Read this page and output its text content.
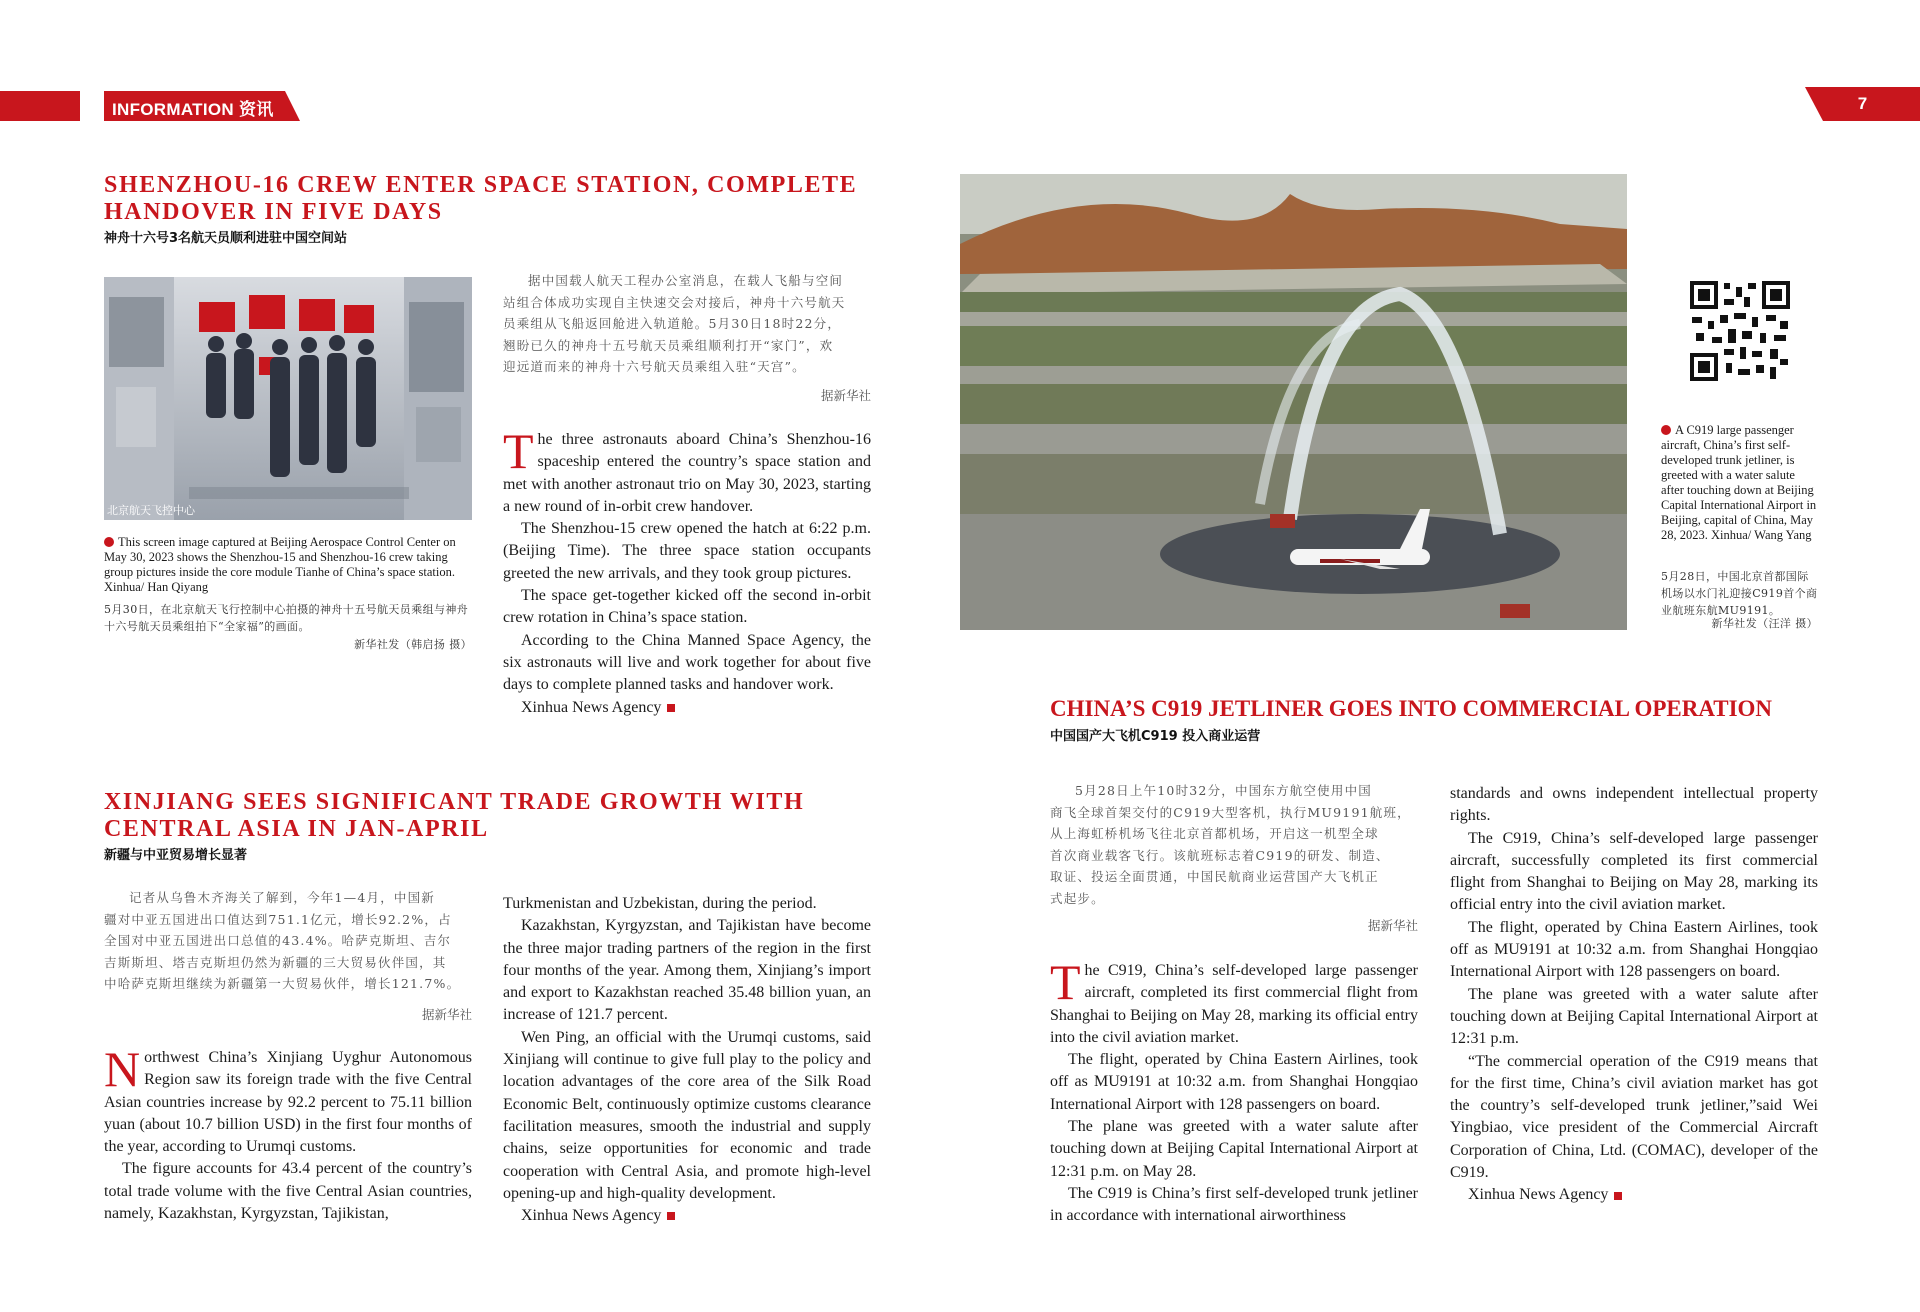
6 INFORMATION 资讯	7
SHENZHOU-16 CREW ENTER SPACE STATION, COMPLETE HANDOVER IN FIVE DAYS
神舟十六号3名航天员顺利进驻中国空间站
北京航天飞控中心

This screen image captured at Beijing Aerospace Control Center on May 30, 2023 shows the Shenzhou-15 and Shenzhou-16 crew taking group pictures inside the core module Tianhe of China’s space station. Xinhua/ Han Qiyang

5月30日，在北京航天飞行控制中心拍摄的神舟十五号航天员乘组与神舟十六号航天员乘组拍下“全家福”的画面。

新华社发（韩启扬 摄）

据中国载人航天工程办公室消息，在载人飞船与空间
站组合体成功实现自主快速交会对接后，神舟十六号航天
员乘组从飞船返回舱进入轨道舱。5月30日18时22分，
翘盼已久的神舟十五号航天员乘组顺利打开“家门”，欢
迎远道而来的神舟十六号航天员乘组入驻“天宫”。

据新华社

The three astronauts aboard China’s Shenzhou-16 spaceship entered the country’s space station and met with another astronaut trio on May 30, 2023, starting a new round of in-orbit crew handover.

The Shenzhou-15 crew opened the hatch at 6:22 p.m. (Beijing Time). The three space station occupants greeted the new arrivals, and they took group pictures.

The space get-together kicked off the second in-orbit crew rotation in China’s space station.

According to the China Manned Space Agency, the six astronauts will live and work together for about five days to complete planned tasks and handover work.

Xinhua News Agency

XINJIANG SEES SIGNIFICANT TRADE GROWTH WITH CENTRAL ASIA IN JAN-APRIL
新疆与中亚贸易增长显著
记者从乌鲁木齐海关了解到，今年1—4月，中国新
疆对中亚五国进出口值达到751.1亿元，增长92.2%，占
全国对中亚五国进出口总值的43.4%。哈萨克斯坦、吉尔
吉斯斯坦、塔吉克斯坦仍然为新疆的三大贸易伙伴国，其
中哈萨克斯坦继续为新疆第一大贸易伙伴，增长121.7%。

据新华社

Northwest China’s Xinjiang Uyghur Autonomous Region saw its foreign trade with the five Central Asian countries increase by 92.2 percent to 75.11 billion yuan (about 10.7 billion USD) in the first four months of the year, according to Urumqi customs.

The figure accounts for 43.4 percent of the country’s total trade volume with the five Central Asian countries, namely, Kazakhstan, Kyrgyzstan, Tajikistan,

Turkmenistan and Uzbekistan, during the period.

Kazakhstan, Kyrgyzstan, and Tajikistan have become the three major trading partners of the region in the first four months of the year. Among them, Xinjiang’s import and export to Kazakhstan reached 35.48 billion yuan, an increase of 121.7 percent.

Wen Ping, an official with the Urumqi customs, said Xinjiang will continue to give full play to the policy and location advantages of the core area of the Silk Road Economic Belt, continuously optimize customs clearance facilitation measures, smooth the industrial and supply chains, seize opportunities for economic and trade cooperation with Central Asia, and promote high-level opening-up and high-quality development.

Xinhua News Agency

A C919 large passenger aircraft, China’s first self-developed trunk jetliner, is greeted with a water salute after touching down at Beijing Capital International Airport in Beijing, capital of China, May 28, 2023. Xinhua/ Wang Yang

5月28日，中国北京首都国际机场以水门礼迎接C919首个商业航班东航MU9191。

新华社发（汪洋 摄）

CHINA’S C919 JETLINER GOES INTO COMMERCIAL OPERATION
中国国产大飞机C919 投入商业运营
5月28日上午10时32分，中国东方航空使用中国
商飞全球首架交付的C919大型客机，执行MU9191航班，
从上海虹桥机场飞往北京首都机场，开启这一机型全球
首次商业载客飞行。该航班标志着C919的研发、制造、
取证、投运全面贯通，中国民航商业运营国产大飞机正
式起步。

据新华社

The C919, China’s self-developed large passenger aircraft, completed its first commercial flight from Shanghai to Beijing on May 28, marking its official entry into the civil aviation market.

The flight, operated by China Eastern Airlines, took off as MU9191 at 10:32 a.m. from Shanghai Hongqiao International Airport with 128 passengers on board.

The plane was greeted with a water salute after touching down at Beijing Capital International Airport at 12:31 p.m. on May 28.

The C919 is China’s first self-developed trunk jetliner in accordance with international airworthiness

standards and owns independent intellectual property rights.

The C919, China’s self-developed large passenger aircraft, successfully completed its first commercial flight from Shanghai to Beijing on May 28, marking its official entry into the civil aviation market.

The flight, operated by China Eastern Airlines, took off as MU9191 at 10:32 a.m. from Shanghai Hongqiao International Airport with 128 passengers on board.

The plane was greeted with a water salute after touching down at Beijing Capital International Airport at 12:31 p.m.

“The commercial operation of the C919 means that for the first time, China’s civil aviation market has got the country’s self-developed trunk jetliner,”said Wei Yingbiao, vice president of the Commercial Aircraft Corporation of China, Ltd. (COMAC), developer of the C919.

Xinhua News Agency
